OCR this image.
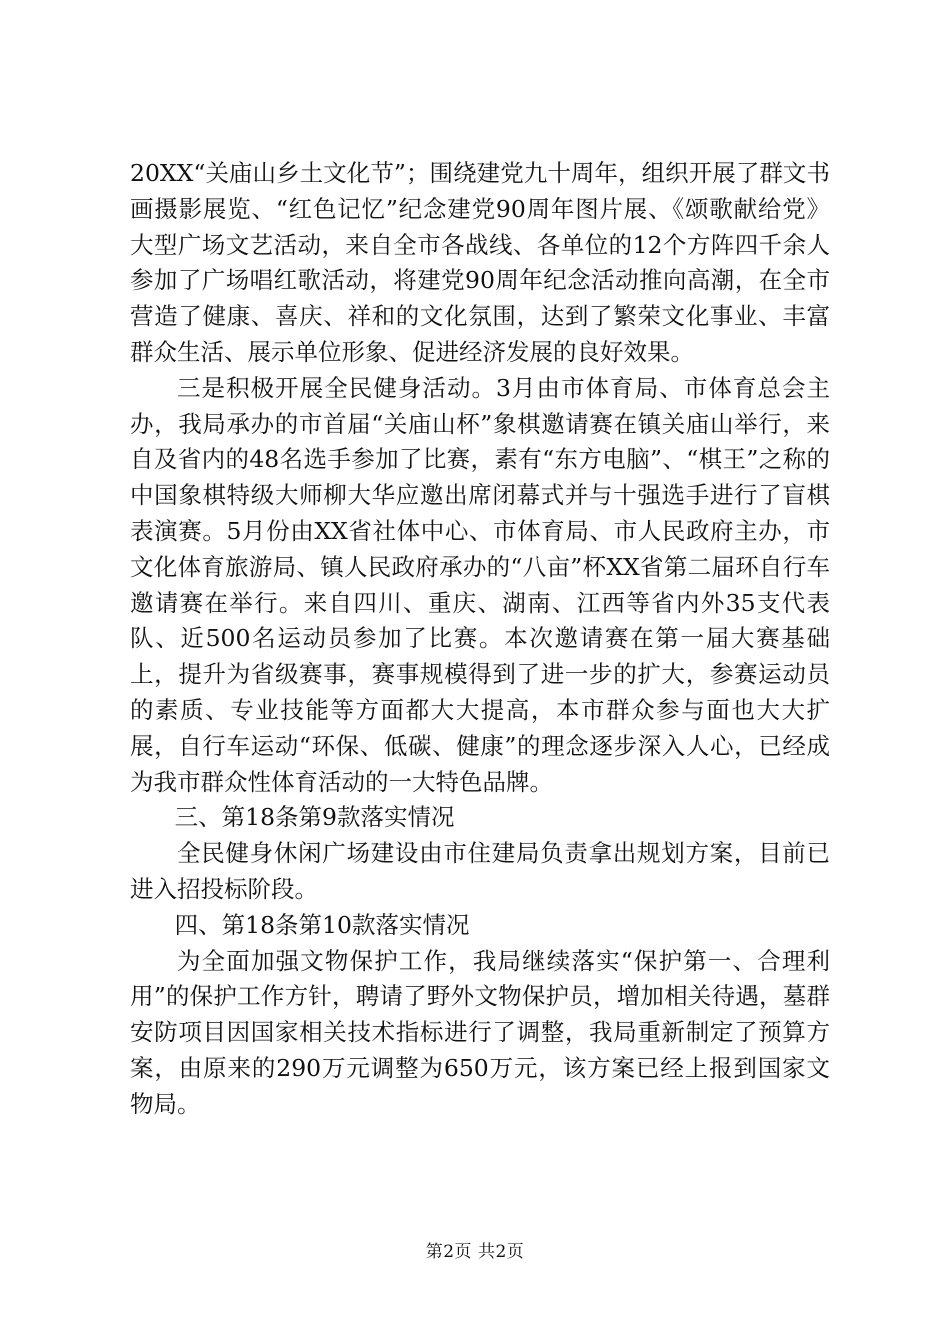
20XX“关庙山乡土文化节”；围绕建党九十周年，组织开展了群文书画摄影展览、“红色记忆”纪念建党90周年图片展、《颂歌献给党》大型广场文艺活动，来自全市各战线、各单位的12个方阵四千余人参加了广场唱红歌活动，将建党90周年纪念活动推向高潮，在全市营造了健康、喜庆、祥和的文化氛围，达到了繁荣文化事业、丰富群众生活、展示单位形象、促进经济发展的良好效果。

三是积极开展全民健身活动。3月由市体育局、市体育总会主办，我局承办的市首届“关庙山杯”象棋邀请赛在镇关庙山举行，来自及省内的48名选手参加了比赛，素有“东方电脑”、“棋王”之称的中国象棋特级大师柳大华应邀出席闭幕式并与十强选手进行了盲棋表演赛。5月份由XX省社体中心、市体育局、市人民政府主办，市文化体育旅游局、镇人民政府承办的“八亩”杯XX省第二届环自行车邀请赛在举行。来自四川、重庆、湖南、江西等省内外35支代表队、近500名运动员参加了比赛。本次邀请赛在第一届大赛基础上，提升为省级赛事，赛事规模得到了进一步的扩大，参赛运动员的素质、专业技能等方面都大大提高，本市群众参与面也大大扩展，自行车运动“环保、低碳、健康”的理念逐步深入人心，已经成为我市群众性体育活动的一大特色品牌。

三、第18条第9款落实情况

全民健身休闲广场建设由市住建局负责拿出规划方案，目前已进入招投标阶段。

四、第18条第10款落实情况

为全面加强文物保护工作，我局继续落实“保护第一、合理利用”的保护工作方针，聘请了野外文物保护员，增加相关待遇，墓群安防项目因国家相关技术指标进行了调整，我局重新制定了预算方案，由原来的290万元调整为650万元，该方案已经上报到国家文物局。

第2页 共2页
